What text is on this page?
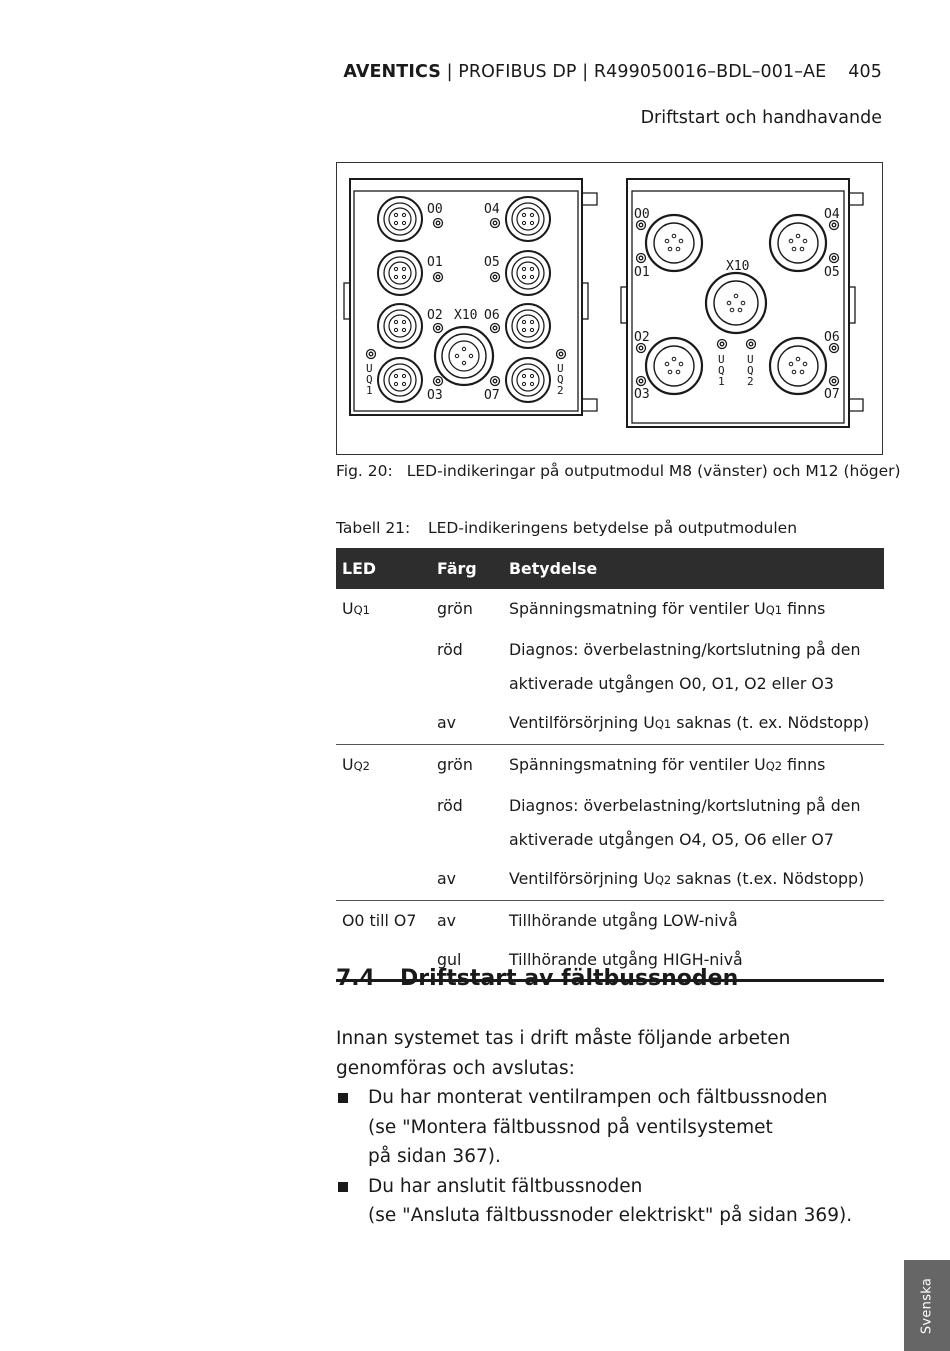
AVENTICS | PROFIBUS DP | R499050016–BDL–001–AE 405
Driftstart och handhavande
O0
O1
O2
O3
O4
O5
O6
O7
X10
U
Q
1
U
Q
2
O0
O1
O2
O3
O4
O5
O6
O7
X10
U
Q
1
U
Q
2
Fig. 20: LED-indikeringar på outputmodul M8 (vänster) och M12 (höger)
Tabell 21: LED-indikeringens betydelse på outputmodulen
LED	Färg	Betydelse
UQ1	grön	Spänningsmatning för ventiler UQ1 finns
	röd	Diagnos: överbelastning/kortslutning på den
		aktiverade utgången O0, O1, O2 eller O3
	av	Ventilförsörjning UQ1 saknas (t. ex. Nödstopp)
UQ2	grön	Spänningsmatning för ventiler UQ2 finns
	röd	Diagnos: överbelastning/kortslutning på den
		aktiverade utgången O4, O5, O6 eller O7
	av	Ventilförsörjning UQ2 saknas (t.ex. Nödstopp)
O0 till O7	av	Tillhörande utgång LOW-nivå
	gul	Tillhörande utgång HIGH-nivå
7.4 Driftstart av fältbussnoden

Innan systemet tas i drift måste följande arbeten genomföras och avslutas:

Du har monterat ventilrampen och fältbussnoden
(se "Montera fältbussnod på ventilsystemet
på sidan 367).
Du har anslutit fältbussnoden
(se "Ansluta fältbussnoder elektriskt" på sidan 369).
Svenska
